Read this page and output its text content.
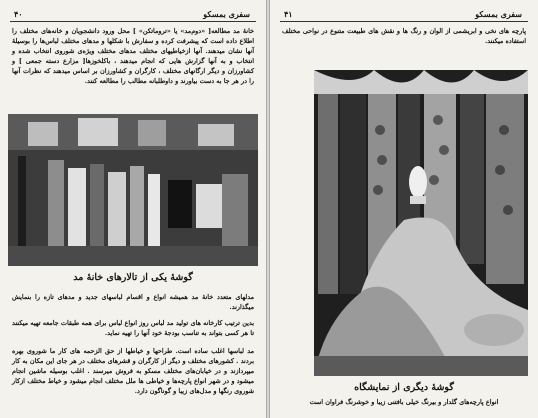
سفری بمسکو
۴۰

خانهٔ مد مطالعه[ «دوم‌مد» یا «تروماتکن» ] محل ورود دانشجویان و خانه‌های مختلف را اطلاع داده است که پیشرفت کرده و سفارش با شکلها و مدهای مختلف لباس‌ها را بوسیلهٔ آنها نشان میدهند. آنها ازخیاطیهای مختلف مدهای مختلف ویژه‌ی شوروی انتخاب شده و انتخاب و به آنها گزارش هایی که انجام میدهند ، باکلخوزها[ مزارع دسته جمعی ] و کشاورزان و دیگر ارگانهای مختلف ، کارگران و کشاورزان بر اساس میدهند که نظرات آنها را در هر جا به دست بیاورند و داوطلبانه مطالب را مطالعه کنند.

گوشهٔ یکی از تالارهای خانهٔ مد

مدلهای متعدد خانهٔ مد همیشه انواع و اقسام لباسهای جدید و مدهای تازه را بنمایش میگذارند.

بدین ترتیب کارخانه های تولید مد لباس روز انواع لباس برای همه طبقات جامعه تهیه میکنند تا هر کسی بتواند به تناسب بودجهٔ خود آنها را تهیه نماید.

مد لباسها اغلب ساده است. طراحها و خیاطها از حق الزحمه های کار ما شوروی بهره بردند . کشورهای مختلف و دیگر از کارگران و قشرهای مختلف در هر جای این مکان به کار میپردازند و در خیابان‌های مختلف مسکو به فروش میرسند . اغلب بوسیله ماشین انجام میشود و در شهر انواع پارچه‌ها و خیاطی ها ملل مختلف انجام میشود و خیاط مختلف ازکار شوروی رنگها و مدل‌های زیبا و گوناگون دارد.

سفری بمسکو
۴۱

پارچه های نخی و ابریشمی از الوان و رنگ ها و نقش های طبیعت متنوع در نواحی مختلف استفاده میکنند.

گوشهٔ دیگری از نمایشگاه
انواع پارچه‌های گلدار و بیرنگ خیلی بافتنی زیبا و خوشرنگ فراوان است
